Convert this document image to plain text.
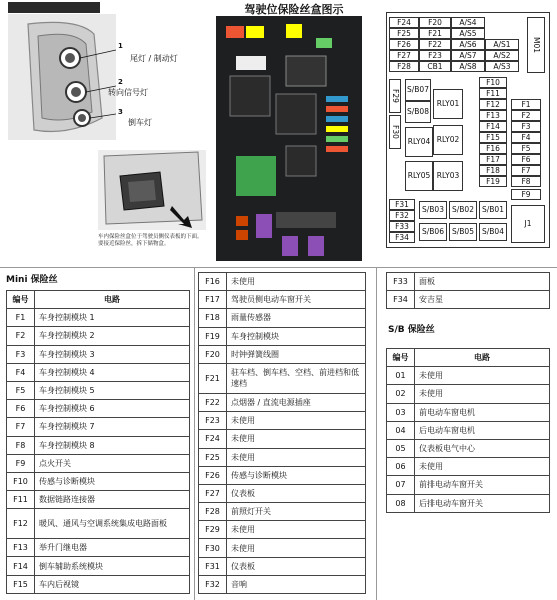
1
尾灯 / 制动灯
2
转向信号灯
3
倒车灯
车内保险丝盒位于驾驶员侧仪表板的下面。要接近保险丝，拆下储物盒。
驾驶位保险丝盒图示
F24	F20	A/S4
F25	F21	A/S5
F26	F22	A/S6	A/S1
F27	F23	A/S7	A/S2
F28	CB1	A/S8	A/S3
M01
F29
F30
S/B07
S/B08
RLY01
RLY04 RLY02
RLY05 RLY03
F10
F11
F12
F13
F14
F15
F16
F17
F18
F19
F1
F2
F3
F4
F5
F6
F7
F8
F9
F31
F32
F33
F34
S/B03	S/B02	S/B01
S/B06	S/B05	S/B04
J1
Mini 保险丝
编号	电路
F1	车身控制模块 1
F2	车身控制模块 2
F3	车身控制模块 3
F4	车身控制模块 4
F5	车身控制模块 5
F6	车身控制模块 6
F7	车身控制模块 7
F8	车身控制模块 8
F9	点火开关
F10	传感与诊断模块
F11	数据链路连接器
F12	暖风、通风与空调系统集成电路面板
F13	举升门继电器
F14	倒车辅助系统模块
F15	车内后视镜
F16	未使用
F17	驾驶员侧电动车窗开关
F18	雨量传感器
F19	车身控制模块
F20	时钟弹簧线圈
F21	驻车档、倒车档、空档、前进档和低速档
F22	点烟器 / 直流电源插座
F23	未使用
F24	未使用
F25	未使用
F26	传感与诊断模块
F27	仪表板
F28	前照灯开关
F29	未使用
F30	未使用
F31	仪表板
F32	音响
F33	面板
F34	安吉星
S/B 保险丝
编号	电路
01	未使用
02	未使用
03	前电动车窗电机
04	后电动车窗电机
05	仪表板电气中心
06	未使用
07	前排电动车窗开关
08	后排电动车窗开关
